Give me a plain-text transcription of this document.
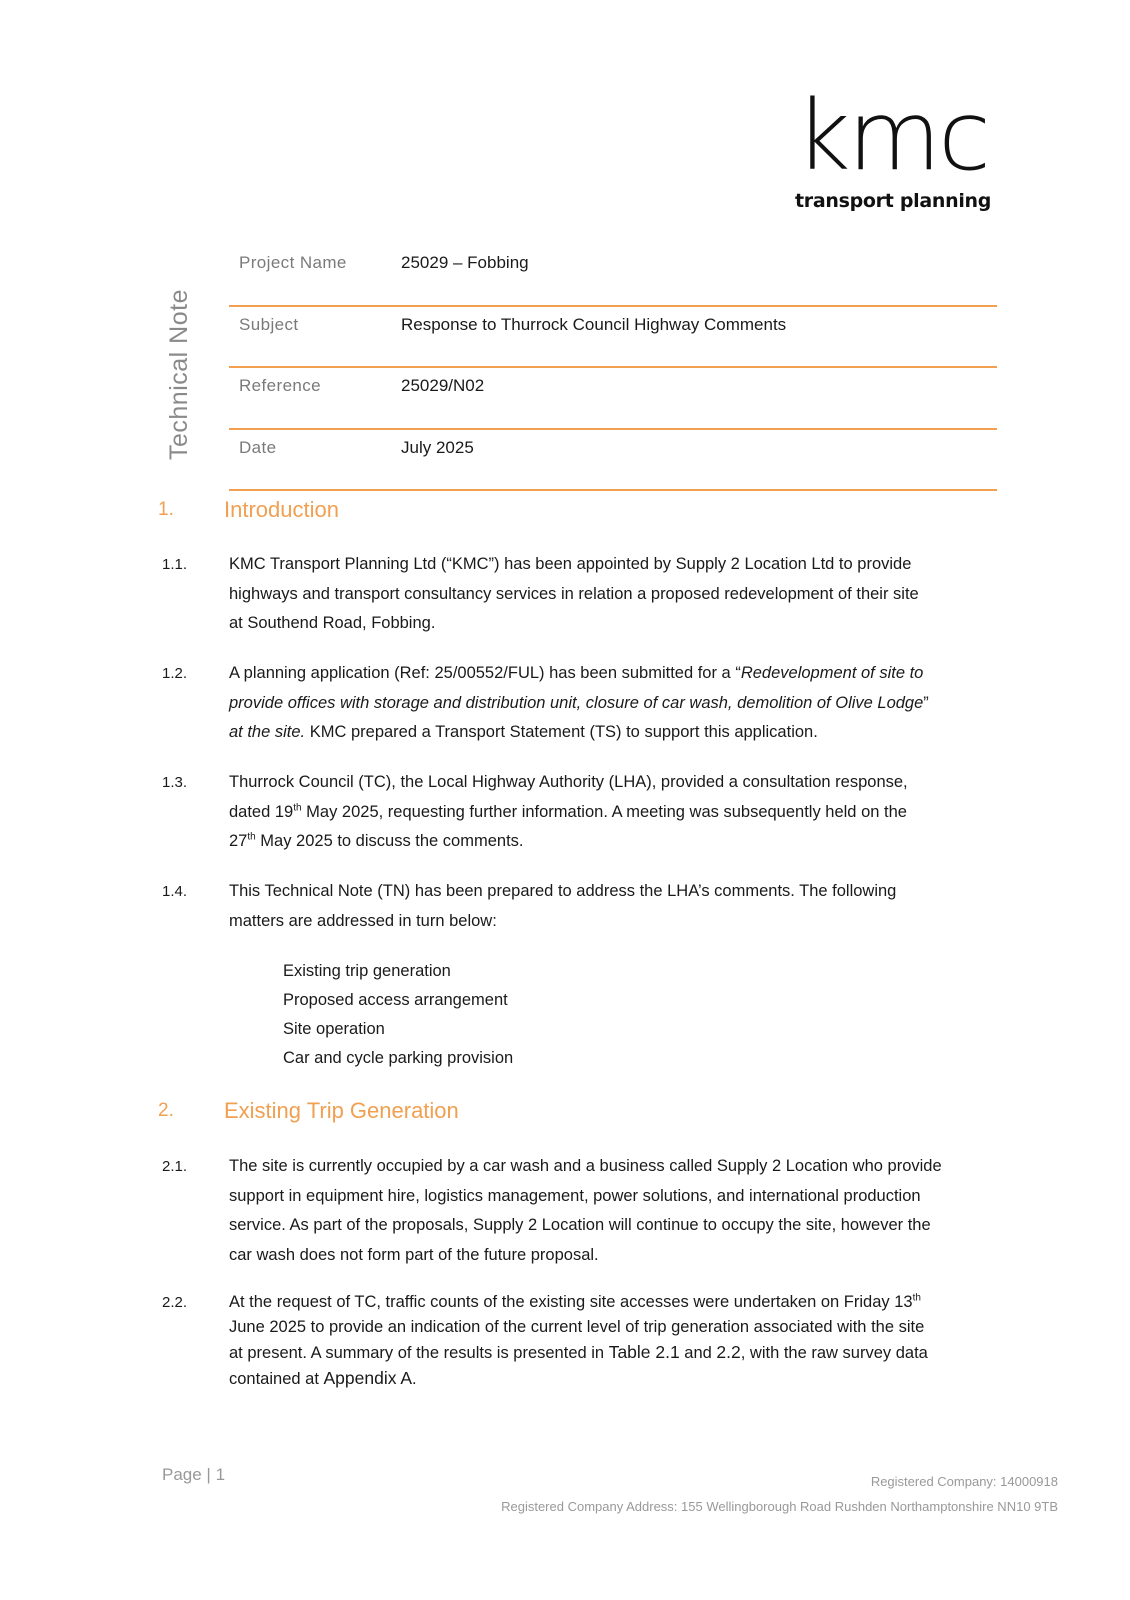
kmc
transport planning
Technical Note
Project Name	25029 – Fobbing
Subject	Response to Thurrock Council Highway Comments
Reference	25029/N02
Date	July 2025
1. Introduction
2. Existing Trip Generation
1.1.	KMC Transport Planning Ltd (“KMC”) has been appointed by Supply 2 Location Ltd to provide
highways and transport consultancy services in relation a proposed redevelopment of their site
at Southend Road, Fobbing.
1.2.	A planning application (Ref: 25/00552/FUL) has been submitted for a “Redevelopment of site to
provide offices with storage and distribution unit, closure of car wash, demolition of Olive Lodge”
at the site. KMC prepared a Transport Statement (TS) to support this application.
1.3.	Thurrock Council (TC), the Local Highway Authority (LHA), provided a consultation response,
dated 19th May 2025, requesting further information. A meeting was subsequently held on the
27th May 2025 to discuss the comments.
1.4.	This Technical Note (TN) has been prepared to address the LHA’s comments. The following
matters are addressed in turn below:
Existing trip generation
Proposed access arrangement
Site operation
Car and cycle parking provision
2.1.	The site is currently occupied by a car wash and a business called Supply 2 Location who provide
support in equipment hire, logistics management, power solutions, and international production
service. As part of the proposals, Supply 2 Location will continue to occupy the site, however the
car wash does not form part of the future proposal.
2.2.	At the request of TC, traffic counts of the existing site accesses were undertaken on Friday 13th
June 2025 to provide an indication of the current level of trip generation associated with the site
at present. A summary of the results is presented in Table 2.1 and 2.2, with the raw survey data
contained at Appendix A.
Page | 1	Registered Company: 14000918
Registered Company Address: 155 Wellingborough Road Rushden Northamptonshire NN10 9TB
